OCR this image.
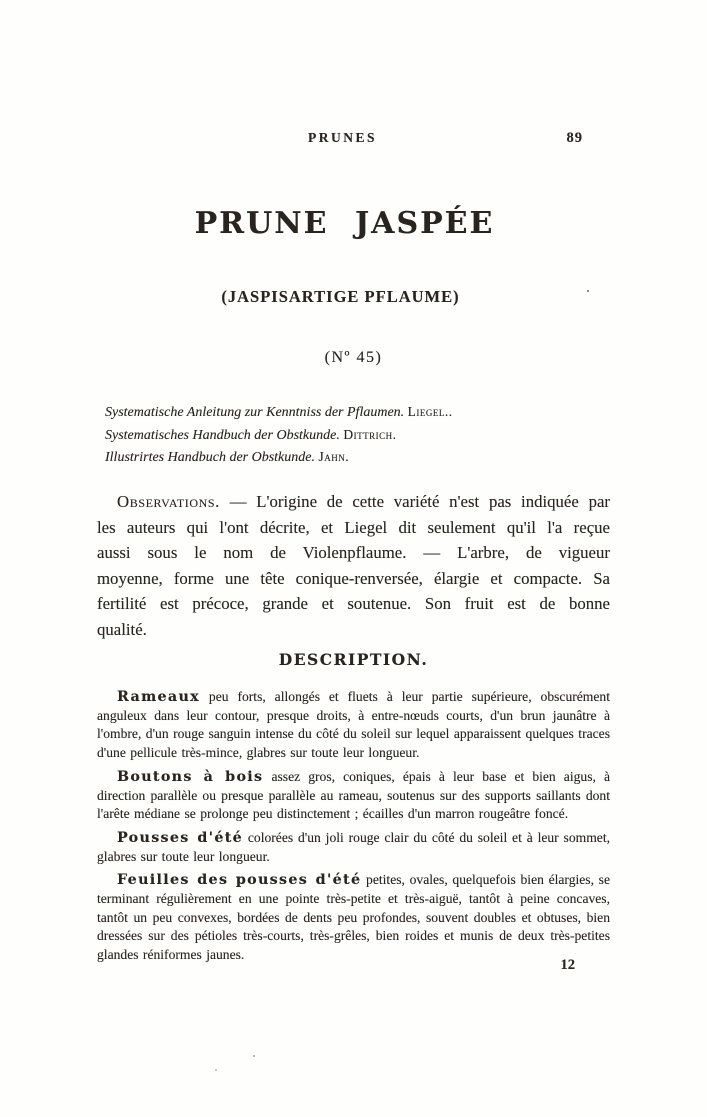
PRUNES	89
PRUNE JASPÉE
(JASPISARTIGE PFLAUME)
(Nº 45)
Systematische Anleitung zur Kenntniss der Pflaumen. Liegel..
Systematisches Handbuch der Obstkunde. Dittrich.
Illustrirtes Handbuch der Obstkunde. Jahn.

Observations. — L'origine de cette variété n'est pas indiquée par les auteurs qui l'ont décrite, et Liegel dit seulement qu'il l'a reçue aussi sous le nom de Violenpflaume. — L'arbre, de vigueur moyenne, forme une tête conique-renversée, élargie et compacte. Sa fertilité est précoce, grande et soutenue. Son fruit est de bonne qualité.

DESCRIPTION.

Rameaux peu forts, allongés et fluets à leur partie supérieure, obscurément anguleux dans leur contour, presque droits, à entre-nœuds courts, d'un brun jaunâtre à l'ombre, d'un rouge sanguin intense du côté du soleil sur lequel apparaissent quelques traces d'une pellicule très-mince, glabres sur toute leur longueur.

Boutons à bois assez gros, coniques, épais à leur base et bien aigus, à direction parallèle ou presque parallèle au rameau, soutenus sur des supports saillants dont l'arête médiane se prolonge peu distinctement ; écailles d'un marron rougeâtre foncé.

Pousses d'été colorées d'un joli rouge clair du côté du soleil et à leur sommet, glabres sur toute leur longueur.

Feuilles des pousses d'été petites, ovales, quelquefois bien élargies, se terminant régulièrement en une pointe très-petite et très-aiguë, tantôt à peine concaves, tantôt un peu convexes, bordées de dents peu profondes, souvent doubles et obtuses, bien dressées sur des pétioles très-courts, très-grêles, bien roides et munis de deux très-petites glandes réniformes jaunes.

12
